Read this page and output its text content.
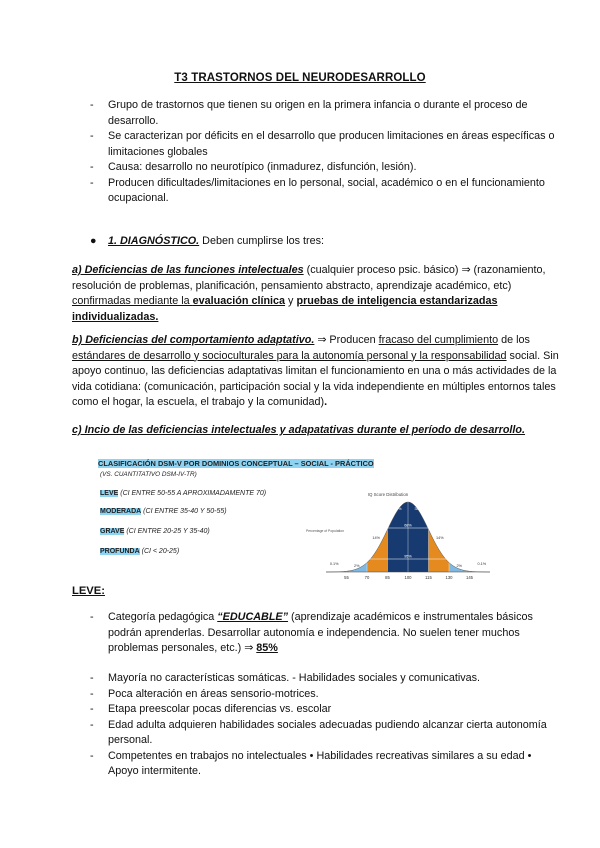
T3 TRASTORNOS DEL NEURODESARROLLO
- Grupo de trastornos que tienen su origen en la primera infancia o durante el proceso de desarrollo.
- Se caracterizan por déficits en el desarrollo que producen limitaciones en áreas específicas o limitaciones globales
- Causa: desarrollo no neurotípico (inmadurez, disfunción, lesión).
- Producen dificultades/limitaciones en lo personal, social, académico o en el funcionamiento ocupacional.
● 1. DIAGNÓSTICO. Deben cumplirse los tres:
a) Deficiencias de las funciones intelectuales (cualquier proceso psic. básico) ⇒ (razonamiento, resolución de problemas, planificación, pensamiento abstracto, aprendizaje académico, etc) confirmadas mediante la evaluación clínica y pruebas de inteligencia estandarizadas individualizadas.
b) Deficiencias del comportamiento adaptativo. ⇒ Producen fracaso del cumplimiento de los estándares de desarrollo y socioculturales para la autonomía personal y la responsabilidad social. Sin apoyo continuo, las deficiencias adaptativas limitan el funcionamiento en una o más actividades de la vida cotidiana: (comunicación, participación social y la vida independiente en múltiples entornos tales como el hogar, la escuela, el trabajo y la comunidad).
c) Incio de las deficiencias intelectuales y adapatativas durante el período de desarrollo.
CLASIFICACIÓN DSM-V POR DOMINIOS CONCEPTUAL – SOCIAL - PRÁCTICO
(VS. CUANTITATIVO DSM-IV-TR)
LEVE (CI ENTRE 50-55 A APROXIMADAMENTE 70)
MODERADA (CI ENTRE 35-40 Y 50-55)
GRAVE (CI ENTRE 20-25 Y 35-40)
PROFUNDA (CI < 20-25)
55	70	85	100	115	130	145
IQ Score Distribution
Percentage of Population
0.1%	2%
14%
34%	34%
14%
2%	0.1%
68%
95%
LEVE:
- Categoría pedagógica “EDUCABLE” (aprendizaje académicos e instrumentales básicos podrán aprenderlas. Desarrollar autonomía e independencia. No suelen tener muchos problemas personales, etc.) ⇒ 85%
- Mayoría no características somáticas. - Habilidades sociales y comunicativas.
- Poca alteración en áreas sensorio-motrices.
- Etapa preescolar pocas diferencias vs. escolar
- Edad adulta adquieren habilidades sociales adecuadas pudiendo alcanzar cierta autonomía personal.
- Competentes en trabajos no intelectuales • Habilidades recreativas similares a su edad • Apoyo intermitente.
